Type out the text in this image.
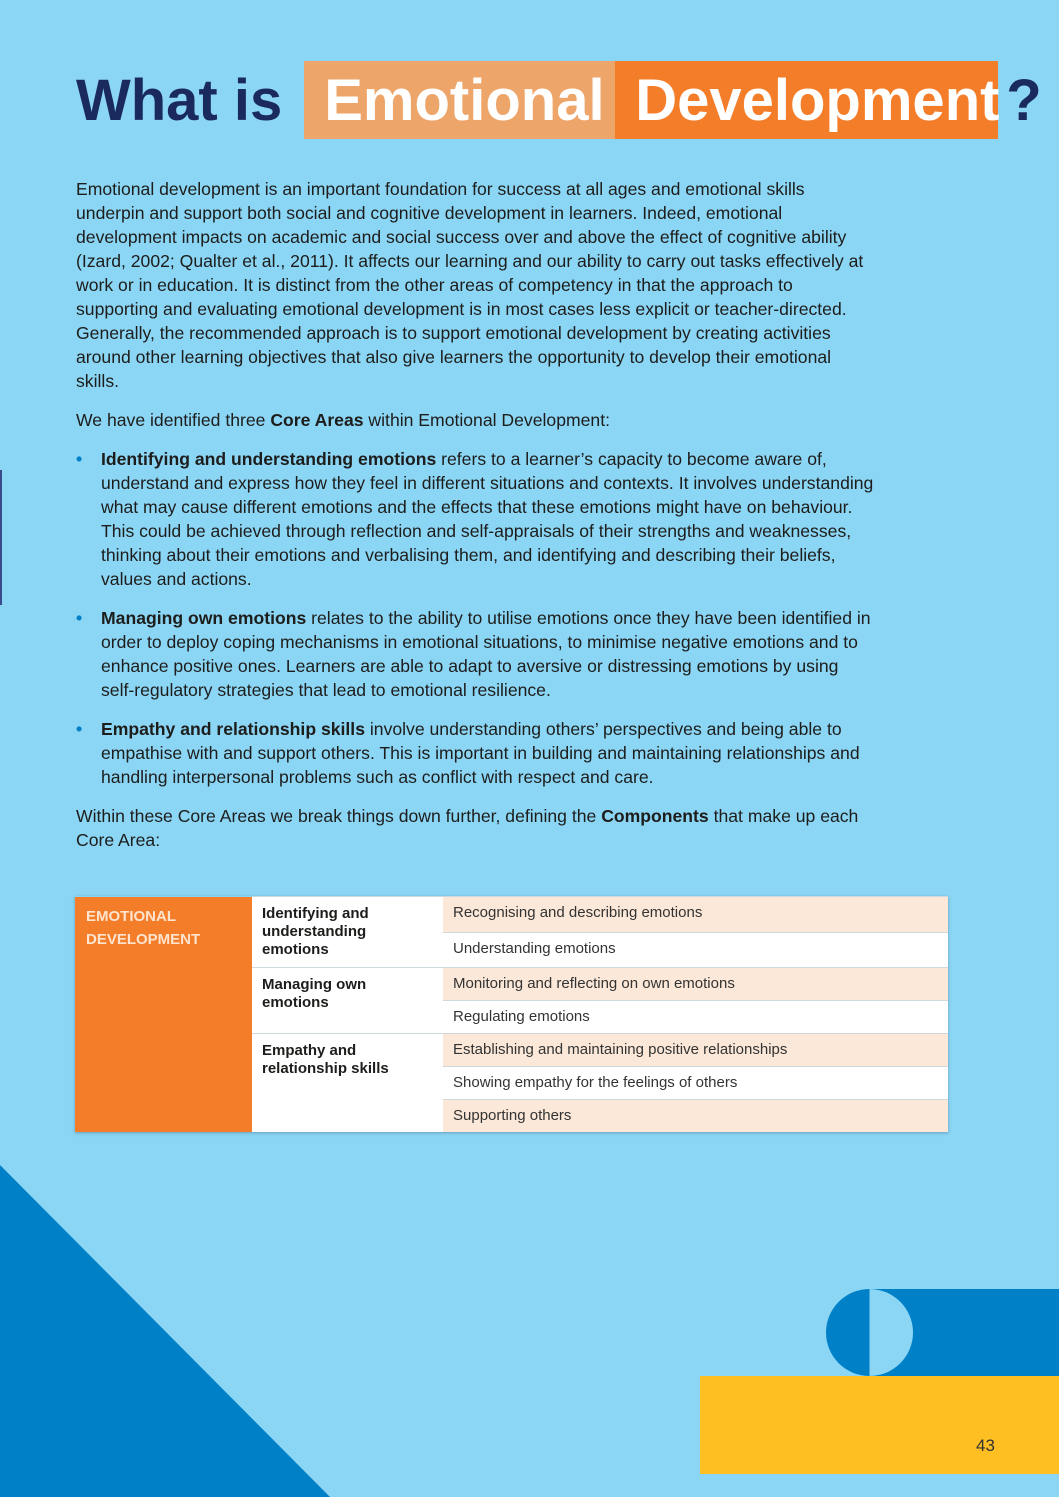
What is Emotional Development ?

Emotional development is an important foundation for success at all ages and emotional skills underpin and support both social and cognitive development in learners. Indeed, emotional development impacts on academic and social success over and above the effect of cognitive ability (Izard, 2002; Qualter et al., 2011). It affects our learning and our ability to carry out tasks effectively at work or in education. It is distinct from the other areas of competency in that the approach to supporting and evaluating emotional development is in most cases less explicit or teacher-directed. Generally, the recommended approach is to support emotional development by creating activities around other learning objectives that also give learners the opportunity to develop their emotional skills.

We have identified three Core Areas within Emotional Development:

• Identifying and understanding emotions refers to a learner’s capacity to become aware of, understand and express how they feel in different situations and contexts. It involves understanding what may cause different emotions and the effects that these emotions might have on behaviour. This could be achieved through reflection and self-appraisals of their strengths and weaknesses, thinking about their emotions and verbalising them, and identifying and describing their beliefs, values and actions.
• Managing own emotions relates to the ability to utilise emotions once they have been identified in order to deploy coping mechanisms in emotional situations, to minimise negative emotions and to enhance positive ones. Learners are able to adapt to aversive or distressing emotions by using self-regulatory strategies that lead to emotional resilience.
• Empathy and relationship skills involve understanding others’ perspectives and being able to empathise with and support others. This is important in building and maintaining relationships and handling interpersonal problems such as conflict with respect and care.

Within these Core Areas we break things down further, defining the Components that make up each Core Area:

EMOTIONAL DEVELOPMENT	Identifying and understanding emotions	Recognising and describing emotions
		Understanding emotions
	Managing own emotions	Monitoring and reflecting on own emotions
		Regulating emotions
	Empathy and relationship skills	Establishing and maintaining positive relationships
		Showing empathy for the feelings of others
		Supporting others
43
